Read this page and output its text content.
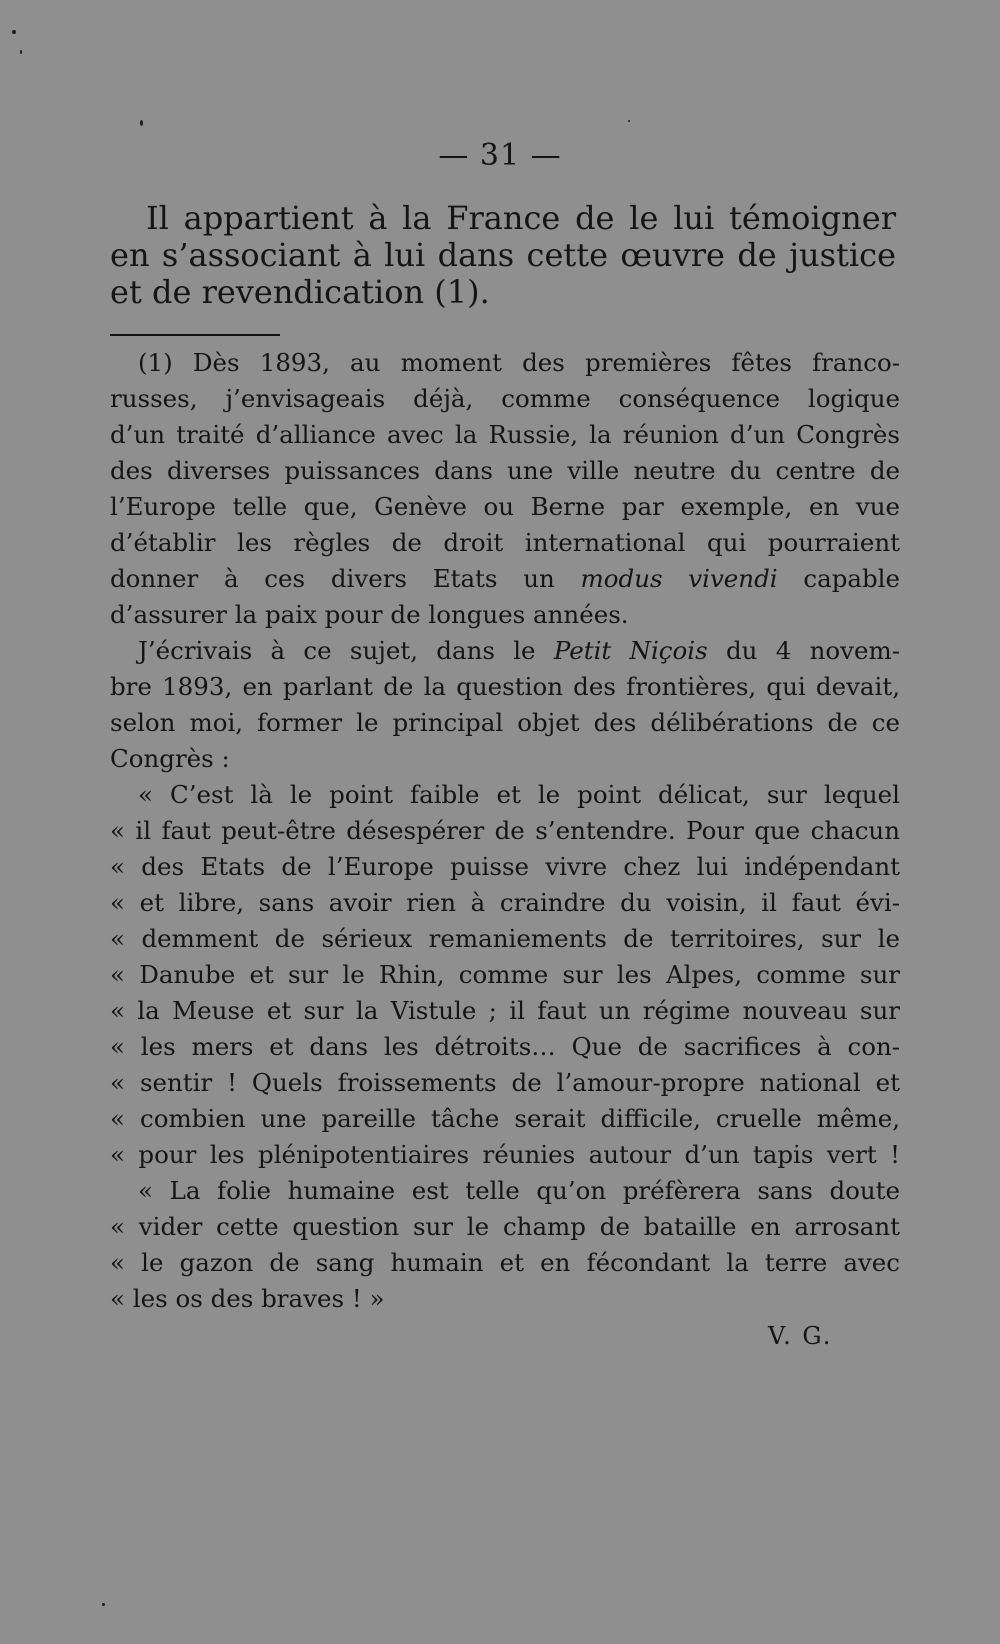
— 31 —
Il appartient à la France de le lui témoigner
en s’associant à lui dans cette œuvre de justice
et de revendication (1).
(1) Dès 1893, au moment des premières fêtes franco-
russes, j’envisageais déjà, comme conséquence logique
d’un traité d’alliance avec la Russie, la réunion d’un Congrès
des diverses puissances dans une ville neutre du centre de
l’Europe telle que, Genève ou Berne par exemple, en vue
d’établir les règles de droit international qui pourraient
donner à ces divers Etats un modus vivendi capable
d’assurer la paix pour de longues années.
J’écrivais à ce sujet, dans le Petit Niçois du 4 novem-
bre 1893, en parlant de la question des frontières, qui devait,
selon moi, former le principal objet des délibérations de ce
Congrès :
« C’est là le point faible et le point délicat, sur lequel
« il faut peut-être désespérer de s’entendre. Pour que chacun
« des Etats de l’Europe puisse vivre chez lui indépendant
« et libre, sans avoir rien à craindre du voisin, il faut évi-
« demment de sérieux remaniements de territoires, sur le
« Danube et sur le Rhin, comme sur les Alpes, comme sur
« la Meuse et sur la Vistule ; il faut un régime nouveau sur
« les mers et dans les détroits… Que de sacrifices à con-
« sentir ! Quels froissements de l’amour-propre national et
« combien une pareille tâche serait difficile, cruelle même,
« pour les plénipotentiaires réunies autour d’un tapis vert !
« La folie humaine est telle qu’on préfèrera sans doute
« vider cette question sur le champ de bataille en arrosant
« le gazon de sang humain et en fécondant la terre avec
« les os des braves ! »
V. G.
